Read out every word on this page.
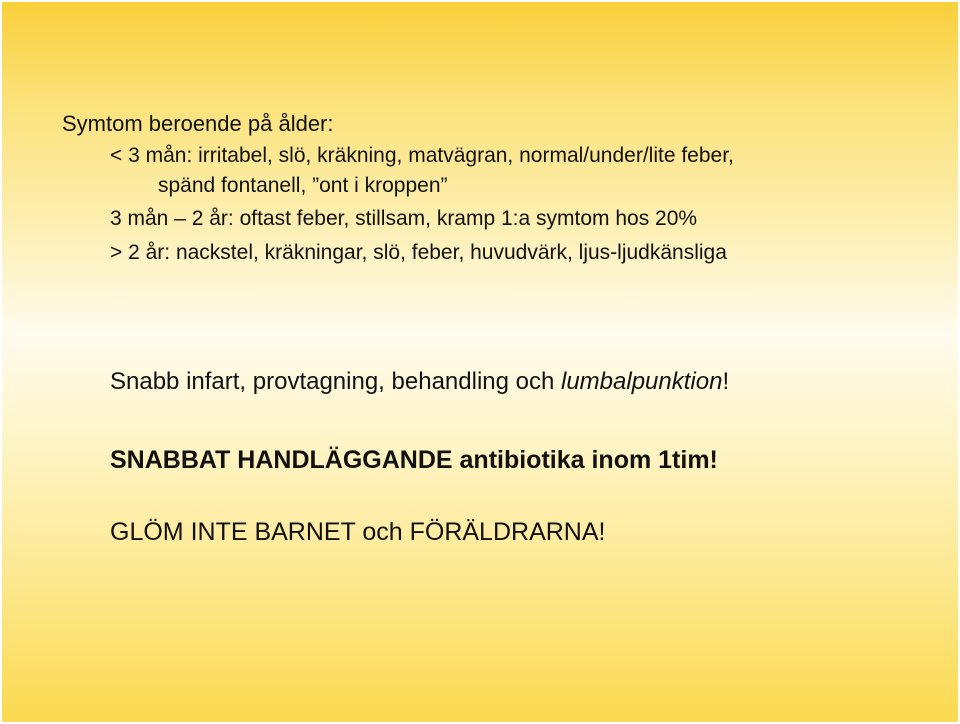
Symtom beroende på ålder:
< 3 mån: irritabel, slö, kräkning, matvägran, normal/under/lite feber,
spänd fontanell, ”ont i kroppen”
3 mån – 2 år: oftast feber, stillsam, kramp 1:a symtom hos 20%
> 2 år: nackstel, kräkningar, slö, feber, huvudvärk, ljus-ljudkänsliga
Snabb infart, provtagning, behandling och lumbalpunktion!
SNABBAT HANDLÄGGANDE antibiotika inom 1tim!
GLÖM INTE BARNET och FÖRÄLDRARNA!
